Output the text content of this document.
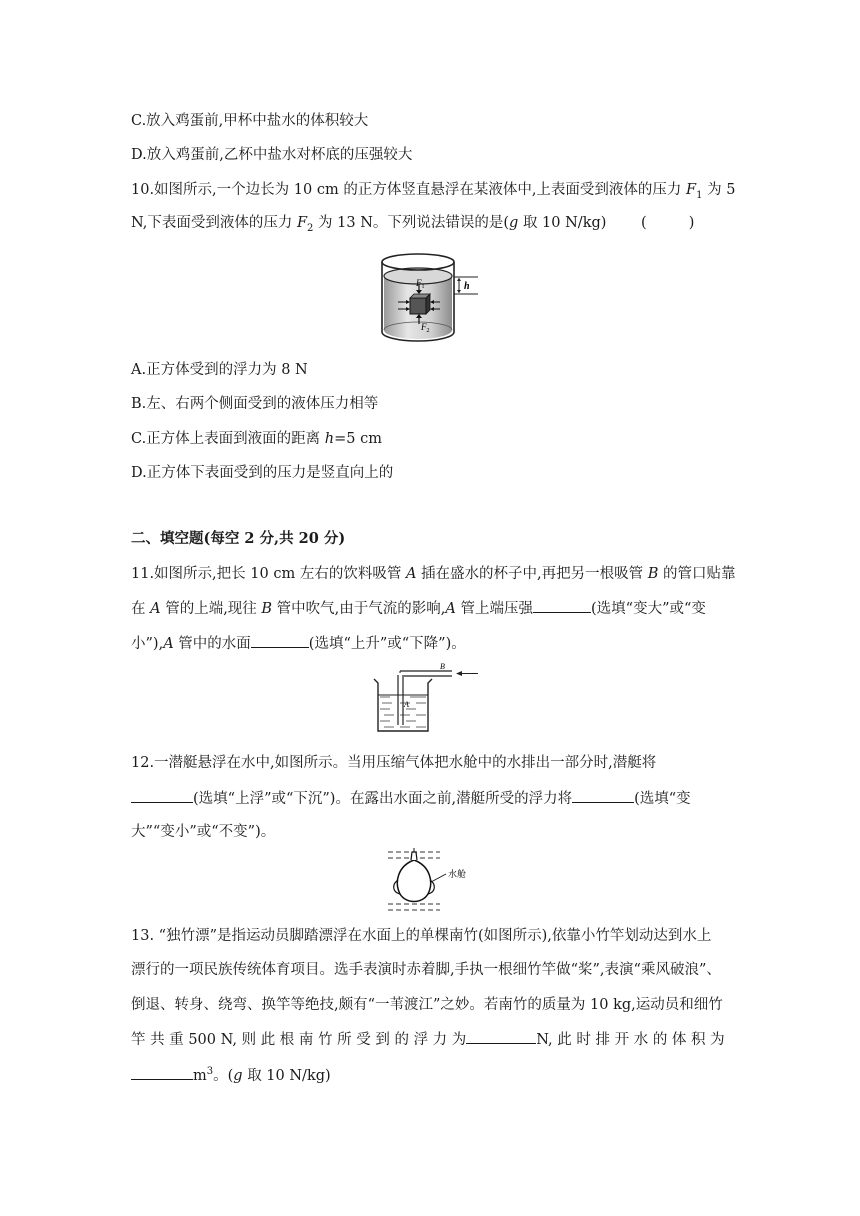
C.放入鸡蛋前,甲杯中盐水的体积较大
D.放入鸡蛋前,乙杯中盐水对杯底的压强较大
10.如图所示,一个边长为 10 cm 的正方体竖直悬浮在某液体中,上表面受到液体的压力 $F_1$ 为 5
N,下表面受到液体的压力 $F_2$ 为 13 N。下列说法错误的是(g 取 10 N/kg) (	)
$F_1$
$F_2$
h
A.正方体受到的浮力为 8 N
B.左、右两个侧面受到的液体压力相等
C.正方体上表面到液面的距离 h=5 cm
D.正方体下表面受到的压力是竖直向上的
二、填空题(每空 2 分,共 20 分)
11.如图所示,把长 10 cm 左右的饮料吸管 A 插在盛水的杯子中,再把另一根吸管 B 的管口贴靠
在 A 管的上端,现往 B 管中吹气,由于气流的影响,A 管上端压强	(选填“变大”或“变
小”),A 管中的水面	(选填“上升”或“下降”)。
B
A
12.一潜艇悬浮在水中,如图所示。当用压缩气体把水舱中的水排出一部分时,潜艇将
(选填“上浮”或“下沉”)。在露出水面之前,潜艇所受的浮力将	(选填“变
大”“变小”或“不变”)。
水舱
13. “独竹漂”是指运动员脚踏漂浮在水面上的单棵南竹(如图所示),依靠小竹竿划动达到水上
漂行的一项民族传统体育项目。选手表演时赤着脚,手执一根细竹竿做“桨”,表演“乘风破浪”、
倒退、转身、绕弯、换竿等绝技,颇有“一苇渡江”之妙。若南竹的质量为 10 kg,运动员和细竹
竿 共 重 500 N, 则 此 根 南 竹 所 受 到 的 浮 力 为	N, 此 时 排 开 水 的 体 积 为
$m^3$。(g 取 10 N/kg)
